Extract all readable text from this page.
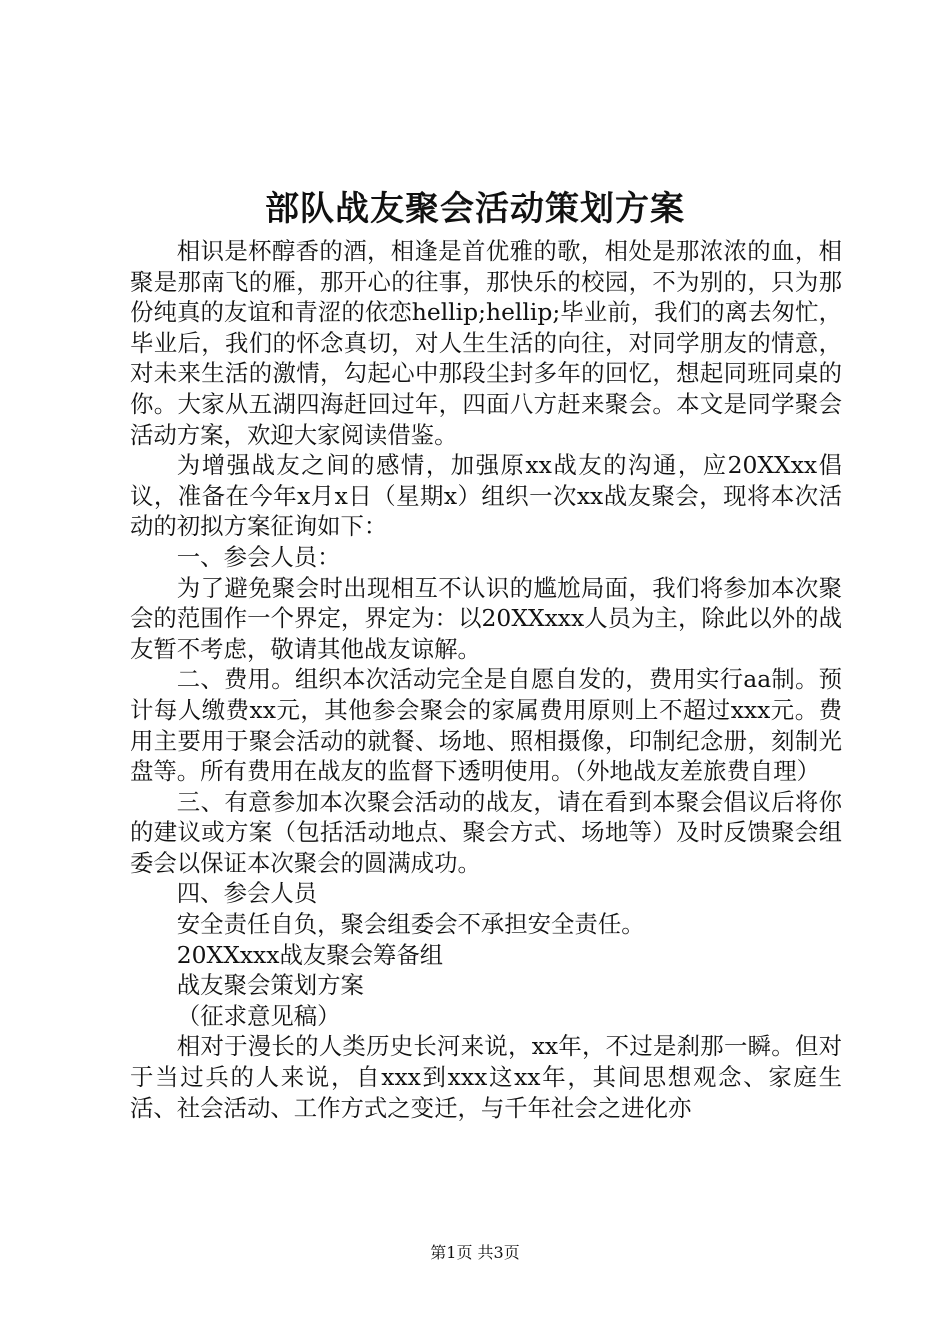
部队战友聚会活动策划方案

相识是杯醇香的酒，相逢是首优雅的歌，相处是那浓浓的血，相聚是那南飞的雁，那开心的往事，那快乐的校园，不为别的，只为那份纯真的友谊和青涩的依恋hellip;hellip;毕业前，我们的离去匆忙，毕业后，我们的怀念真切，对人生生活的向往，对同学朋友的情意，对未来生活的激情，勾起心中那段尘封多年的回忆，想起同班同桌的你。大家从五湖四海赶回过年，四面八方赶来聚会。本文是同学聚会活动方案，欢迎大家阅读借鉴。

为增强战友之间的感情，加强原xx战友的沟通，应20XXxx倡议，准备在今年x月x日（星期x）组织一次xx战友聚会，现将本次活动的初拟方案征询如下：

一、参会人员：

为了避免聚会时出现相互不认识的尴尬局面，我们将参加本次聚会的范围作一个界定，界定为：以20XXxxx人员为主，除此以外的战友暂不考虑，敬请其他战友谅解。

二、费用。组织本次活动完全是自愿自发的，费用实行aa制。预计每人缴费xx元，其他参会聚会的家属费用原则上不超过xxx元。费用主要用于聚会活动的就餐、场地、照相摄像，印制纪念册，刻制光盘等。所有费用在战友的监督下透明使用。（外地战友差旅费自理）

三、有意参加本次聚会活动的战友，请在看到本聚会倡议后将你的建议或方案（包括活动地点、聚会方式、场地等）及时反馈聚会组委会以保证本次聚会的圆满成功。

四、参会人员

安全责任自负，聚会组委会不承担安全责任。

20XXxxx战友聚会筹备组

战友聚会策划方案

（征求意见稿）

相对于漫长的人类历史长河来说，xx年，不过是刹那一瞬。但对于当过兵的人来说，自xxx到xxx这xx年，其间思想观念、家庭生活、社会活动、工作方式之变迁，与千年社会之进化亦

第1页 共3页
